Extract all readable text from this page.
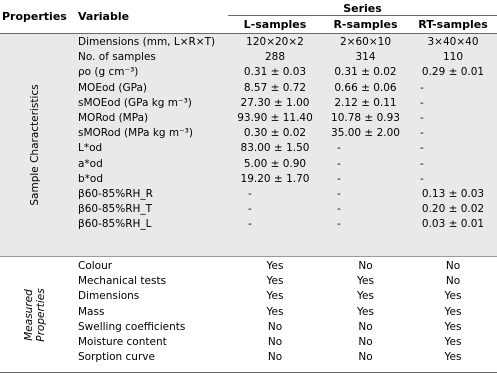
Properties Variable
Series
L-samples	R-samples	RT-samples
Sample Characteristics
Dimensions (mm, L×R×T)	120×20×2	2×60×10	3×40×40
No. of samples	288	314	110
ρo (g cm⁻³)	0.31 ± 0.03	0.31 ± 0.02	0.29 ± 0.01
MOEod (GPa)	8.57 ± 0.72	0.66 ± 0.06	-
sMOEod (GPa kg m⁻³)	27.30 ± 1.00	2.12 ± 0.11	-
MORod (MPa)	93.90 ± 11.40	10.78 ± 0.93	-
sMORod (MPa kg m⁻³)	0.30 ± 0.02	35.00 ± 2.00	-
L*od	83.00 ± 1.50	-	-
a*od	5.00 ± 0.90	-	-
b*od	19.20 ± 1.70	-	-
β60-85%RH_R	-	-	0.13 ± 0.03
β60-85%RH_T	-	-	0.20 ± 0.02
β60-85%RH_L	-	-	0.03 ± 0.01
Measured Properties
Colour	Yes	No	No
Mechanical tests	Yes	Yes	No
Dimensions	Yes	Yes	Yes
Mass	Yes	Yes	Yes
Swelling coefficients	No	No	Yes
Moisture content	No	No	Yes
Sorption curve	No	No	Yes
